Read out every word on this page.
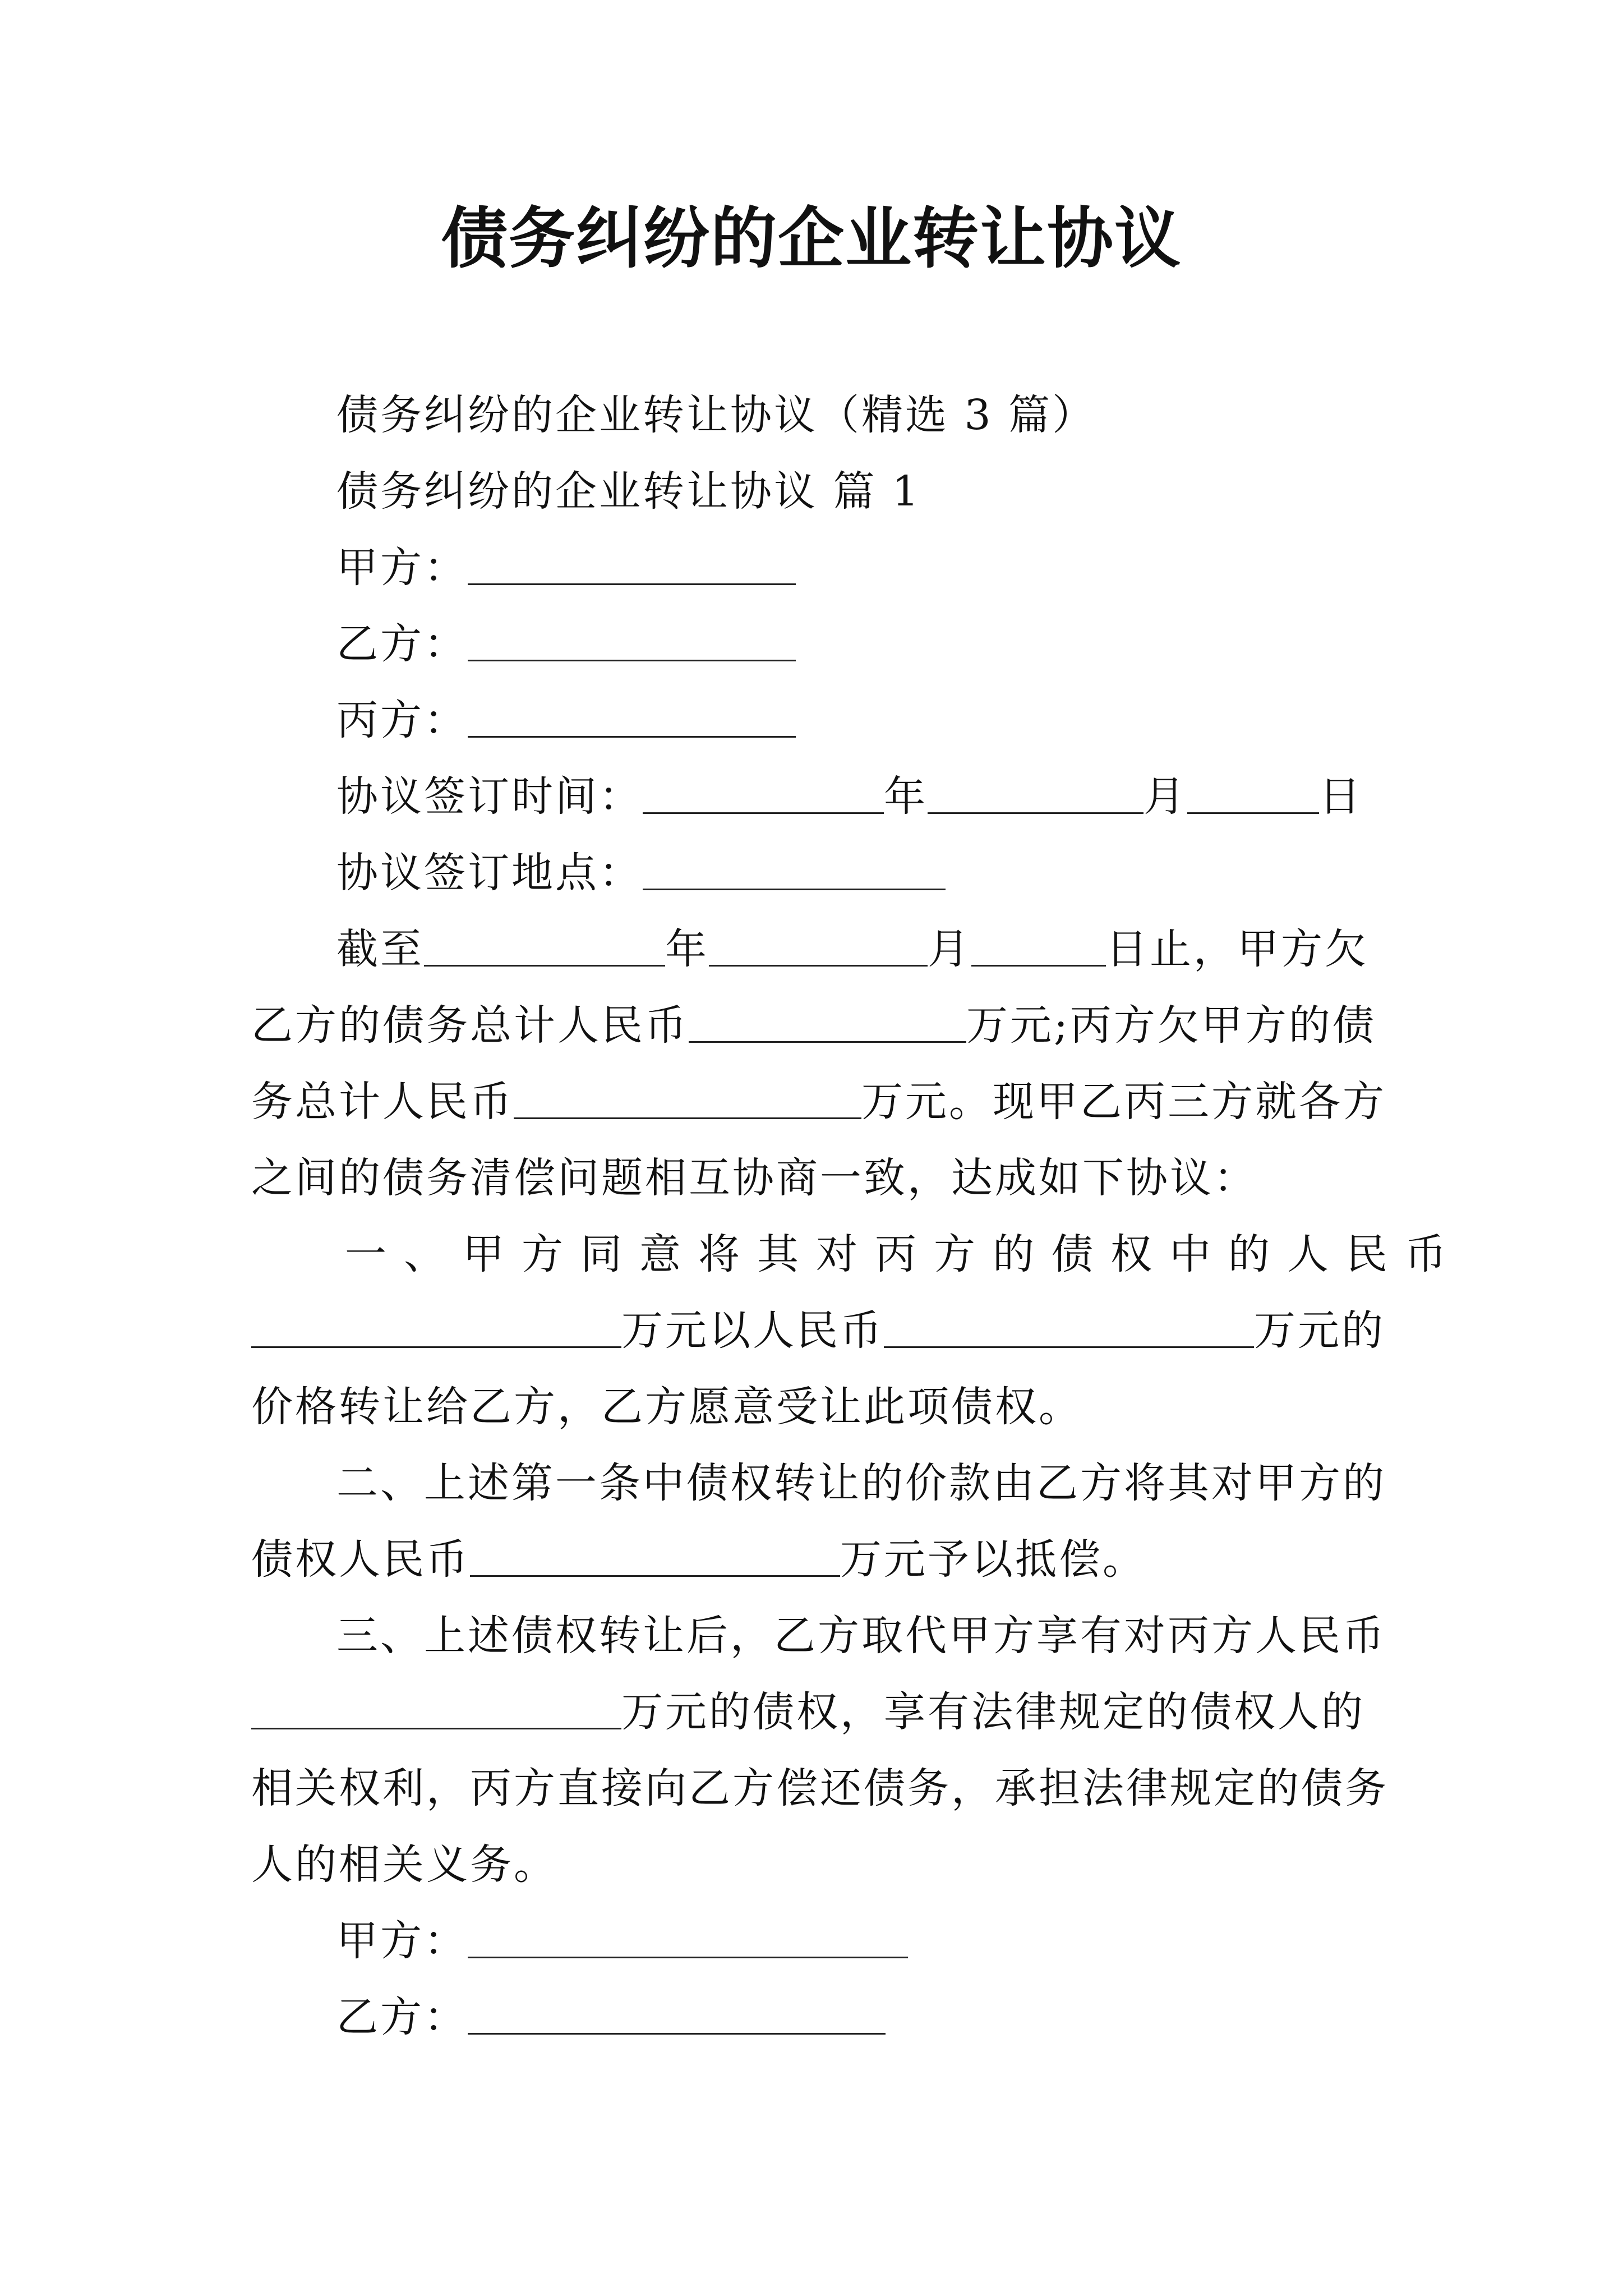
债务纠纷的企业转让协议
债务纠纷的企业转让协议（精选 3 篇）
债务纠纷的企业转让协议 篇 1
甲方：
乙方：
丙方：
协议签订时间：	年	月	日
协议签订地点：
截至	年	月	日止，甲方欠
乙方的债务总计人民币	万元;丙方欠甲方的债
务总计人民币	万元。现甲乙丙三方就各方
之间的债务清偿问题相互协商一致，达成如下协议：
一、甲方同意将其对丙方的债权中的人民币
万元以人民币	万元的
价格转让给乙方，乙方愿意受让此项债权。
二、上述第一条中债权转让的价款由乙方将其对甲方的
债权人民币	万元予以抵偿。
三、上述债权转让后，乙方取代甲方享有对丙方人民币
万元的债权，享有法律规定的债权人的
相关权利，丙方直接向乙方偿还债务，承担法律规定的债务
人的相关义务。
甲方：
乙方：
